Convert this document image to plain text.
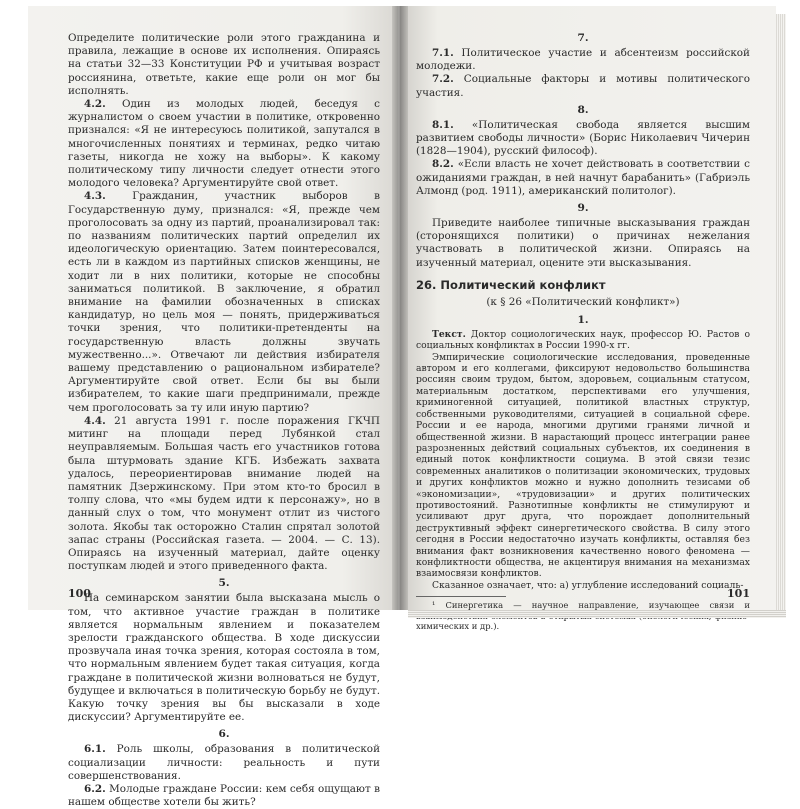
Определите политические роли этого гражданина и правила, лежащие в основе их исполнения. Опираясь на статьи 32—33 Конституции РФ и учитывая возраст россиянина, ответьте, какие еще роли он мог бы исполнять.

4.2. Один из молодых людей, беседуя с журналистом о своем участии в политике, откровенно признался: «Я не интересуюсь политикой, запутался в многочисленных понятиях и терминах, редко читаю газеты, никогда не хожу на выборы». К какому политическому типу личности следует отнести этого молодого человека? Аргументируйте свой ответ.

4.3.	Гражданин, участник выборов в Государственную думу, признался: «Я, прежде чем проголосовать за одну из партий, проанализировал так: по названиям политических партий определил их идеологическую ориентацию. Затем поинтересовался, есть ли в каждом из партийных списков женщины, не ходит ли в них политики, которые не способны заниматься политикой. В заключение, я обратил внимание на фамилии обозначенных в списках кандидатур, но цель моя — понять, придерживаться точки зрения, что политики-претенденты на государственную власть должны звучать мужественно...». Отвечают ли действия избирателя вашему представлению о рациональном избирателе? Аргументируйте свой ответ. Если бы вы были избирателем, то какие шаги предпринимали, прежде чем проголосовать за ту или иную партию?

4.4. 21 августа 1991 г. после поражения ГКЧП митинг на площади перед Лубянкой стал неуправляемым. Большая часть его участников готова была штурмовать здание КГБ. Избежать захвата удалось, переориентировав внимание людей на памятник Дзержинскому. При этом кто-то бросил в толпу слова, что «мы будем идти к персонажу», но в данный слух о том, что монумент отлит из чистого золота. Якобы так осторожно Сталин спрятал золотой запас страны (Российская газета. — 2004. — С. 13). Опираясь на изученный материал, дайте оценку поступкам людей и этого приведенного факта.

5.

На семинарском занятии была высказана мысль о том, что активное участие граждан в политике является нормальным явлением и показателем зрелости гражданского общества. В ходе дискуссии прозвучала иная точка зрения, которая состояла в том, что нормальным явлением будет такая ситуация, когда граждане в политической жизни волноваться не будут, будущее и включаться в политическую борьбу не будут. Какую точку зрения вы бы высказали в ходе дискуссии? Аргументируйте ее.

6.

6.1. Роль школы, образования в политической социализации личности: реальность и пути совершенствования.

6.2. Молодые граждане России: кем себя ощущают в нашем обществе хотели бы жить?

100
7.

7.1. Политическое участие и абсентеизм российской молодежи.

7.2. Социальные факторы и мотивы политического участия.

8.

8.1. «Политическая свобода является высшим развитием свободы личности» (Борис Николаевич Чичерин (1828—1904), русский философ).

8.2. «Если власть не хочет действовать в соответствии с ожиданиями граждан, в ней начнут барабанить» (Габриэль Алмонд (род. 1911), американский политолог).

9.

Приведите наиболее типичные высказывания граждан (сторонящихся политики) о причинах нежелания участвовать в политической жизни. Опираясь на изученный материал, оцените эти высказывания.

26. Политический конфликт
(к § 26 «Политический конфликт»)
1.

Текст. Доктор социологических наук, профессор Ю. Растов о социальных конфликтах в России 1990-х гг.

Эмпирические социологические исследования, проведенные автором и его коллегами, фиксируют недовольство большинства россиян своим трудом, бытом, здоровьем, социальным статусом, материальным достатком, перспективами его улучшения, криминогенной ситуацией, политикой властных структур, собственными руководителями, ситуацией в социальной сфере. России и ее народа, многими другими гранями личной и общественной жизни. В нарастающий процесс интеграции ранее разрозненных действий социальных субъектов, их соединения в единый поток конфликтности социума. В этой связи тезис современных аналитиков о политизации экономических, трудовых и других конфликтов можно и нужно дополнить тезисами об «экономизации», «трудовизации» и других политических противостояний. Разнотипные конфликты не стимулируют и усиливают друг друга, что порождает дополнительный деструктивный эффект синергетического свойства. В силу этого сегодня в России недостаточно изучать конфликты, оставляя без внимания факт возникновения качественно нового феномена — конфликтности общества, не акцентируя внимания на механизмах взаимосвязи конфликтов.

Сказанное означает, что: а) углубление исследований социаль-

¹ Синергетика — научное направление, изучающее связи и химических и др.).

101
